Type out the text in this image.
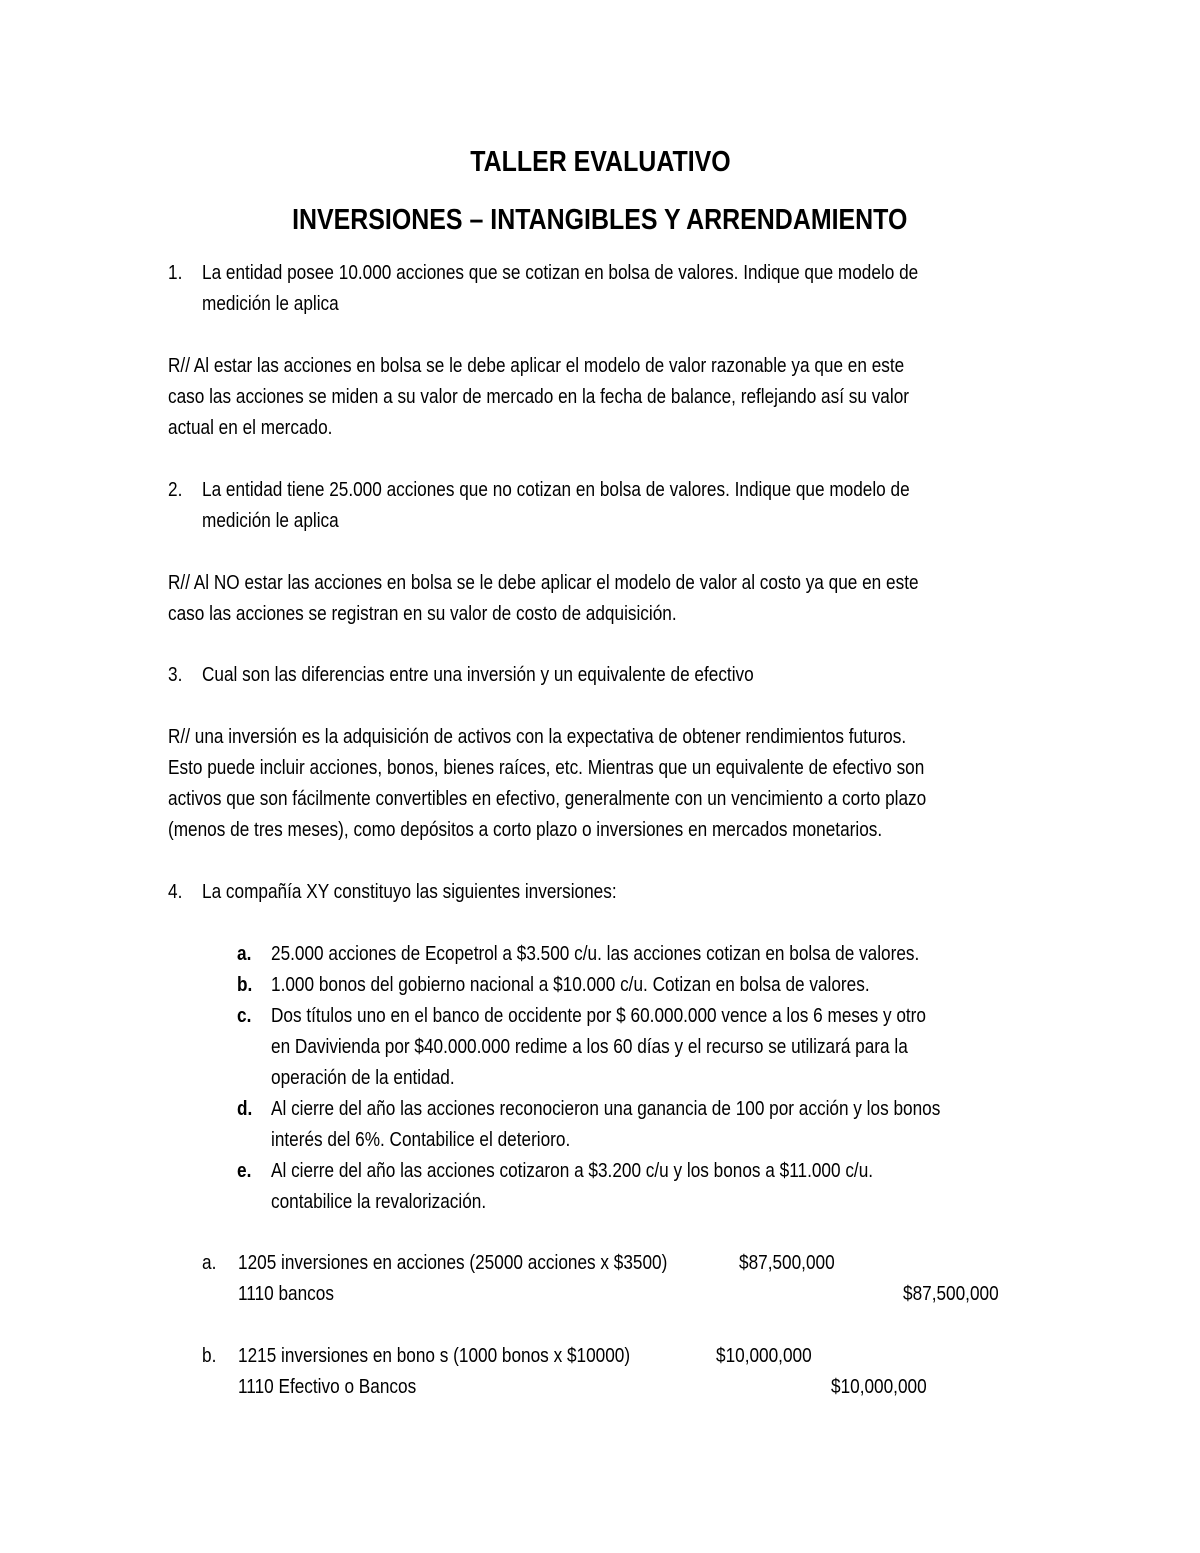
TALLER EVALUATIVO
INVERSIONES – INTANGIBLES Y ARRENDAMIENTO
1. La entidad posee 10.000 acciones que se cotizan en bolsa de valores. Indique que modelo de
medición le aplica
R// Al estar las acciones en bolsa se le debe aplicar el modelo de valor razonable ya que en este
caso las acciones se miden a su valor de mercado en la fecha de balance, reflejando así su valor
actual en el mercado.
2. La entidad tiene 25.000 acciones que no cotizan en bolsa de valores. Indique que modelo de
medición le aplica
R// Al NO estar las acciones en bolsa se le debe aplicar el modelo de valor al costo ya que en este
caso las acciones se registran en su valor de costo de adquisición.
3. Cual son las diferencias entre una inversión y un equivalente de efectivo
R// una inversión es la adquisición de activos con la expectativa de obtener rendimientos futuros.
Esto puede incluir acciones, bonos, bienes raíces, etc. Mientras que un equivalente de efectivo son
activos que son fácilmente convertibles en efectivo, generalmente con un vencimiento a corto plazo
(menos de tres meses), como depósitos a corto plazo o inversiones en mercados monetarios.
4. La compañía XY constituyo las siguientes inversiones:
a. 25.000 acciones de Ecopetrol a $3.500 c/u. las acciones cotizan en bolsa de valores.
b. 1.000 bonos del gobierno nacional a $10.000 c/u. Cotizan en bolsa de valores.
c. Dos títulos uno en el banco de occidente por $ 60.000.000 vence a los 6 meses y otro
en Davivienda por $40.000.000 redime a los 60 días y el recurso se utilizará para la
operación de la entidad.
d. Al cierre del año las acciones reconocieron una ganancia de 100 por acción y los bonos
interés del 6%. Contabilice el deterioro.
e. Al cierre del año las acciones cotizaron a $3.200 c/u y los bonos a $11.000 c/u.
contabilice la revalorización.
a. 1205 inversiones en acciones (25000 acciones x $3500)	$87,500,000
1110 bancos	$87,500,000
b. 1215 inversiones en bono s (1000 bonos x $10000)	$10,000,000
1110 Efectivo o Bancos	$10,000,000
